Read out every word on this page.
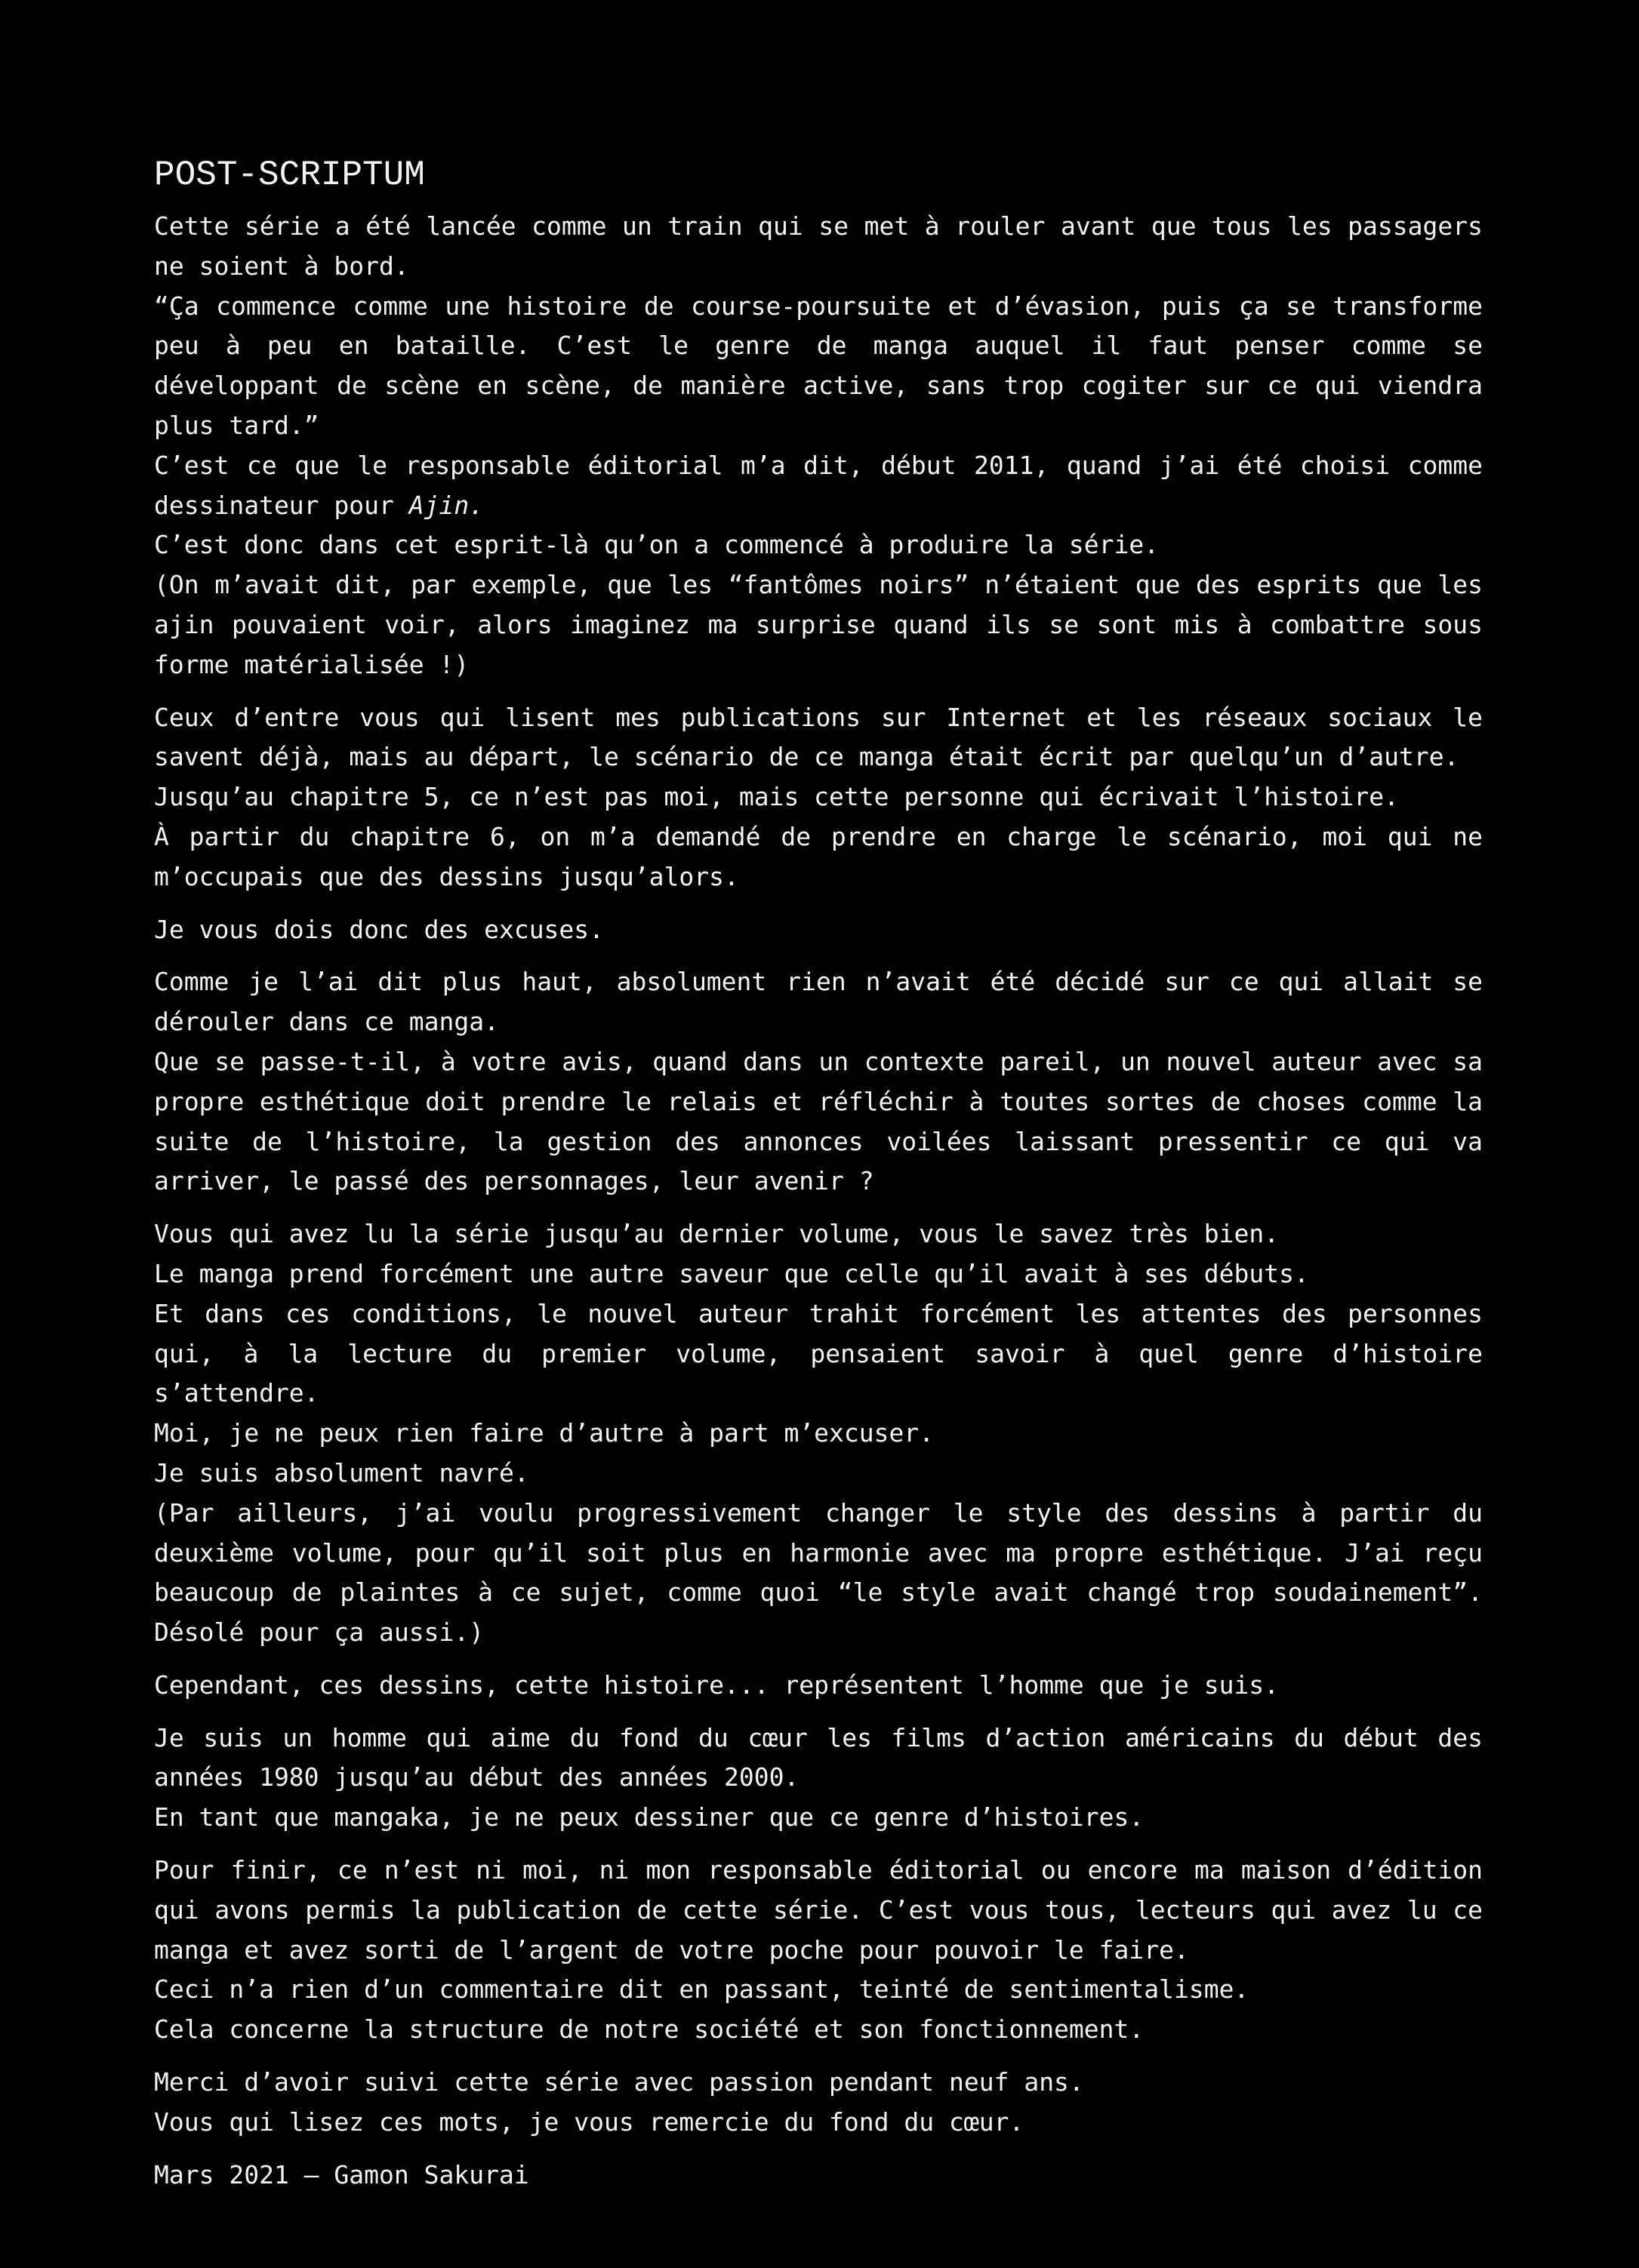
POST-SCRIPTUM
Cette série a été lancée comme un train qui se met à rouler avant que tous les passagers ne soient à bord.
“Ça commence comme une histoire de course-poursuite et d’évasion, puis ça se transforme peu à peu en bataille. C’est le genre de manga auquel il faut penser comme se développant de scène en scène, de manière active, sans trop cogiter sur ce qui viendra plus tard.”
C’est ce que le responsable éditorial m’a dit, début 2011, quand j’ai été choisi comme dessinateur pour Ajin.
C’est donc dans cet esprit-là qu’on a commencé à produire la série.
(On m’avait dit, par exemple, que les “fantômes noirs” n’étaient que des esprits que les ajin pouvaient voir, alors imaginez ma surprise quand ils se sont mis à combattre sous forme matérialisée !)
Ceux d’entre vous qui lisent mes publications sur Internet et les réseaux sociaux le savent déjà, mais au départ, le scénario de ce manga était écrit par quelqu’un d’autre.
Jusqu’au chapitre 5, ce n’est pas moi, mais cette personne qui écrivait l’histoire.
À partir du chapitre 6, on m’a demandé de prendre en charge le scénario, moi qui ne m’occupais que des dessins jusqu’alors.
Je vous dois donc des excuses.
Comme je l’ai dit plus haut, absolument rien n’avait été décidé sur ce qui allait se dérouler dans ce manga.
Que se passe-t-il, à votre avis, quand dans un contexte pareil, un nouvel auteur avec sa propre esthétique doit prendre le relais et réfléchir à toutes sortes de choses comme la suite de l’histoire, la gestion des annonces voilées laissant pressentir ce qui va arriver, le passé des personnages, leur avenir ?
Vous qui avez lu la série jusqu’au dernier volume, vous le savez très bien.
Le manga prend forcément une autre saveur que celle qu’il avait à ses débuts.
Et dans ces conditions, le nouvel auteur trahit forcément les attentes des personnes qui, à la lecture du premier volume, pensaient savoir à quel genre d’histoire s’attendre.
Moi, je ne peux rien faire d’autre à part m’excuser.
Je suis absolument navré.
(Par ailleurs, j’ai voulu progressivement changer le style des dessins à partir du deuxième volume, pour qu’il soit plus en harmonie avec ma propre esthétique. J’ai reçu beaucoup de plaintes à ce sujet, comme quoi “le style avait changé trop soudainement”. Désolé pour ça aussi.)
Cependant, ces dessins, cette histoire... représentent l’homme que je suis.
Je suis un homme qui aime du fond du cœur les films d’action américains du début des années 1980 jusqu’au début des années 2000.
En tant que mangaka, je ne peux dessiner que ce genre d’histoires.
Pour finir, ce n’est ni moi, ni mon responsable éditorial ou encore ma maison d’édition qui avons permis la publication de cette série. C’est vous tous, lecteurs qui avez lu ce manga et avez sorti de l’argent de votre poche pour pouvoir le faire.
Ceci n’a rien d’un commentaire dit en passant, teinté de sentimentalisme.
Cela concerne la structure de notre société et son fonctionnement.
Merci d’avoir suivi cette série avec passion pendant neuf ans.
Vous qui lisez ces mots, je vous remercie du fond du cœur.
Mars 2021 – Gamon Sakurai
